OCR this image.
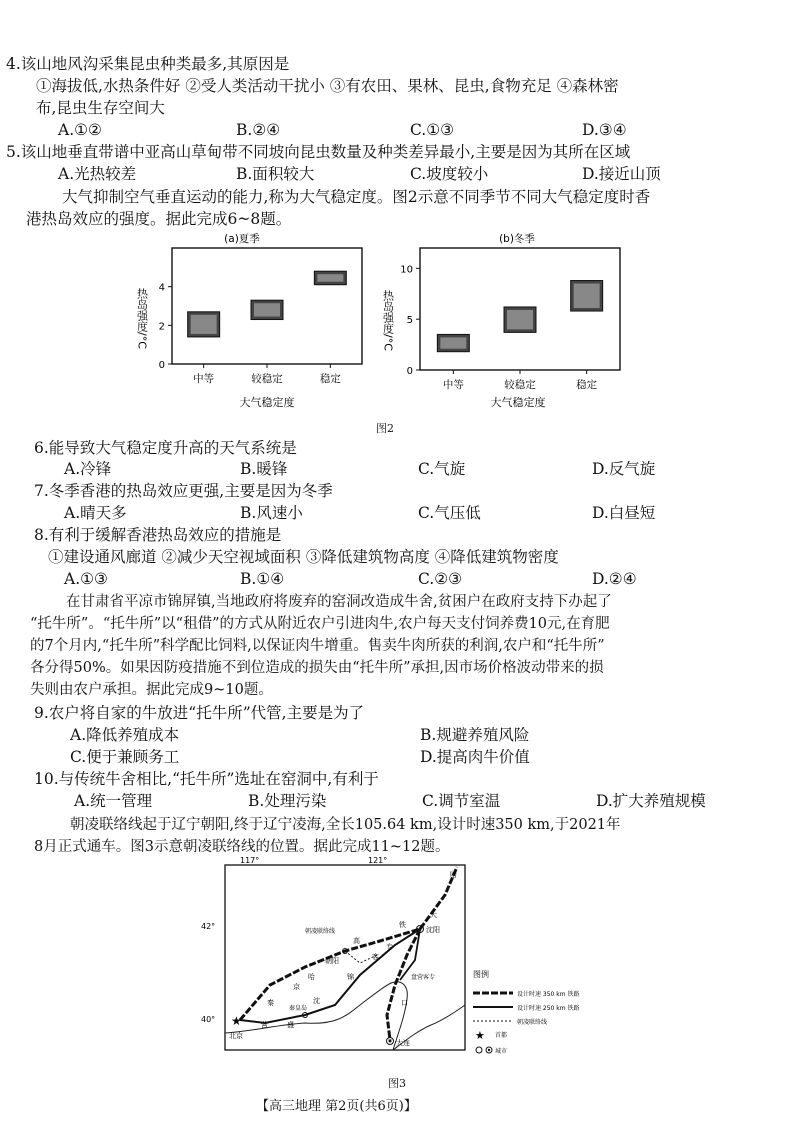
4.该山地风沟采集昆虫种类最多,其原因是
①海拔低,水热条件好 ②受人类活动干扰小 ③有农田、果林、昆虫,食物充足 ④森林密
布,昆虫生存空间大
A.①②	B.②④	C.①③	D.③④
5.该山地垂直带谱中亚高山草甸带不同坡向昆虫数量及种类差异最小,主要是因为其所在区域
A.光热较差	B.面积较大	C.坡度较小	D.接近山顶
大气抑制空气垂直运动的能力,称为大气稳定度。图2示意不同季节不同大气稳定度时香
港热岛效应的强度。据此完成6~8题。
(a)夏季
0
2
4
中等	较稳定	稳定
热岛强度/°C
大气稳定度
(b)冬季
0
5
10
中等	较稳定	稳定
热岛强度/°C
大气稳定度
图2
6.能导致大气稳定度升高的天气系统是
A.冷锋	B.暖锋	C.气旋	D.反气旋
7.冬季香港的热岛效应更强,主要是因为冬季
A.晴天多	B.风速小	C.气压低	D.白昼短
8.有利于缓解香港热岛效应的措施是
①建设通风廊道 ②减少天空视域面积 ③降低建筑物高度 ④降低建筑物密度
A.①③	B.①④	C.②③	D.②④
在甘肃省平凉市锦屏镇,当地政府将废弃的窑洞改造成牛舍,贫困户在政府支持下办起了
“托牛所”。“托牛所”以“租借”的方式从附近农户引进肉牛,农户每天支付饲养费10元,在育肥
的7个月内,“托牛所”科学配比饲料,以保证肉牛增重。售卖牛肉所获的利润,农户和“托牛所”
各分得50%。如果因防疫措施不到位造成的损失由“托牛所”承担,因市场价格波动带来的损
失则由农户承担。据此完成9~10题。
9.农户将自家的牛放进“托牛所”代管,主要是为了
A.降低养殖成本	B.规避养殖风险
C.便于兼顾务工	D.提高肉牛价值
10.与传统牛舍相比,“托牛所”选址在窑洞中,有利于
A.统一管理	B.处理污染	C.调节室温	D.扩大养殖规模
朝凌联络线起于辽宁朝阳,终于辽宁凌海,全长105.64 km,设计时速350 km,于2021年
8月正式通车。图3示意朝凌联络线的位置。据此完成11~12题。
117°	121°
42°
40° ★
北京
朝阳
沈阳
大连
秦皇岛
朝凌联络线
京
哈
高
铁
大
沈
锦
客
专
秦
盛
营
口
盘营客专
哈
图例
设计时速 350 km 铁路
设计时速 250 km 铁路
朝凌联络线
★ 首都
城市
图3
【高三地理 第2页(共6页)】
